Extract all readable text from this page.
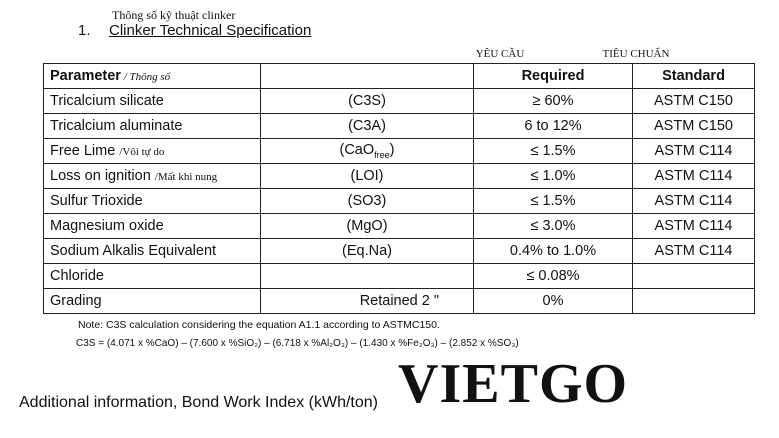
Thông số kỹ thuật clinker
1. Clinker Technical Specification
YÊU CẦU	TIÊU CHUẨN
Parameter / Thông số		Required	Standard
Tricalcium silicate	(C3S)	≥ 60%	ASTM C150
Tricalcium aluminate	(C3A)	6 to 12%	ASTM C150
Free Lime /Vôi tự do	(CaO$_{free}$)	≤ 1.5%	ASTM C114
Loss on ignition /Mất khi nung	(LOI)	≤ 1.0%	ASTM C114
Sulfur Trioxide	(SO3)	≤ 1.5%	ASTM C114
Magnesium oxide	(MgO)	≤ 3.0%	ASTM C114
Sodium Alkalis Equivalent	(Eq.Na)	0.4% to 1.0%	ASTM C114
Chloride		≤ 0.08%	
Grading	Retained 2 "	0%	
Note: C3S calculation considering the equation A1.1 according to ASTMC150.
C3S = (4.071 x %CaO) – (7.600 x %SiO₂) – (6.718 x %Al₂O₃) – (1.430 x %Fe₂O₃) – (2.852 x %SO₃)
Additional information, Bond Work Index (kWh/ton) VIETGO
